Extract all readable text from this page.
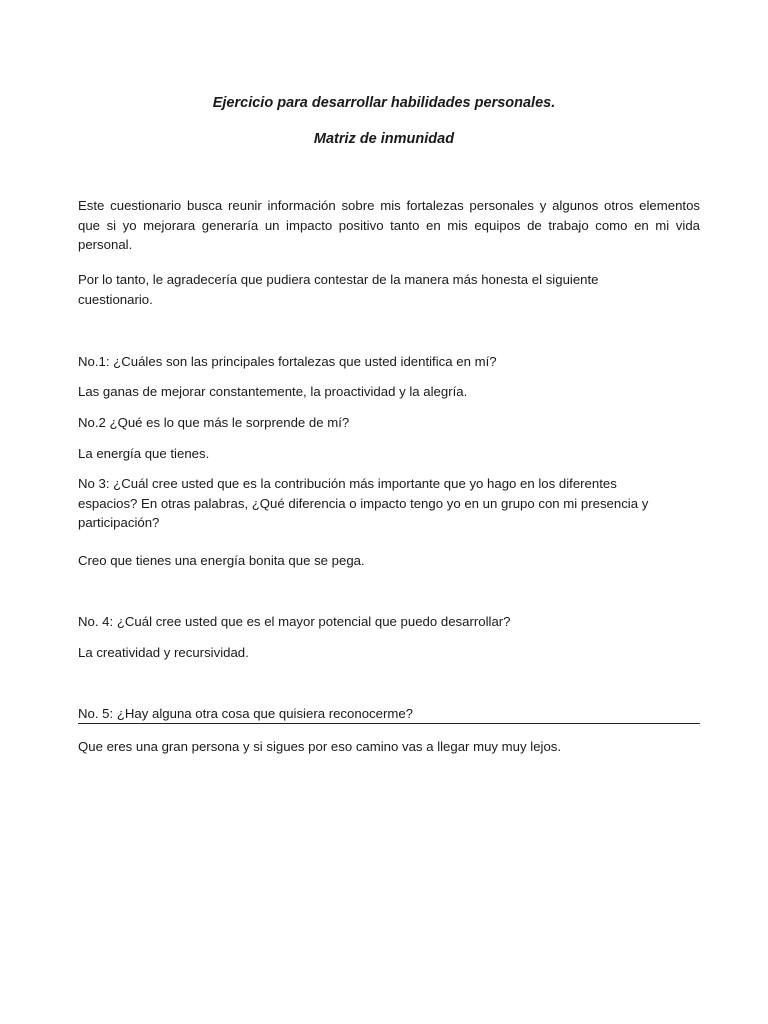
Ejercicio para desarrollar habilidades personales.
Matriz de inmunidad
Este cuestionario busca reunir información sobre mis fortalezas personales y algunos otros elementos que si yo mejorara generaría un impacto positivo tanto en mis equipos de trabajo como en mi vida personal.
Por lo tanto, le agradecería que pudiera contestar de la manera más honesta el siguiente cuestionario.
No.1: ¿Cuáles son las principales fortalezas que usted identifica en mí?
Las ganas de mejorar constantemente, la proactividad y la alegría.
No.2 ¿Qué es lo que más le sorprende de mí?
La energía que tienes.
No 3: ¿Cuál cree usted que es la contribución más importante que yo hago en los diferentes espacios? En otras palabras, ¿Qué diferencia o impacto tengo yo en un grupo con mi presencia y participación?
Creo que tienes una energía bonita que se pega.
No. 4: ¿Cuál cree usted que es el mayor potencial que puedo desarrollar?
La creatividad y recursividad.
No. 5: ¿Hay alguna otra cosa que quisiera reconocerme?
Que eres una gran persona y si sigues por eso camino vas a llegar muy muy lejos.
